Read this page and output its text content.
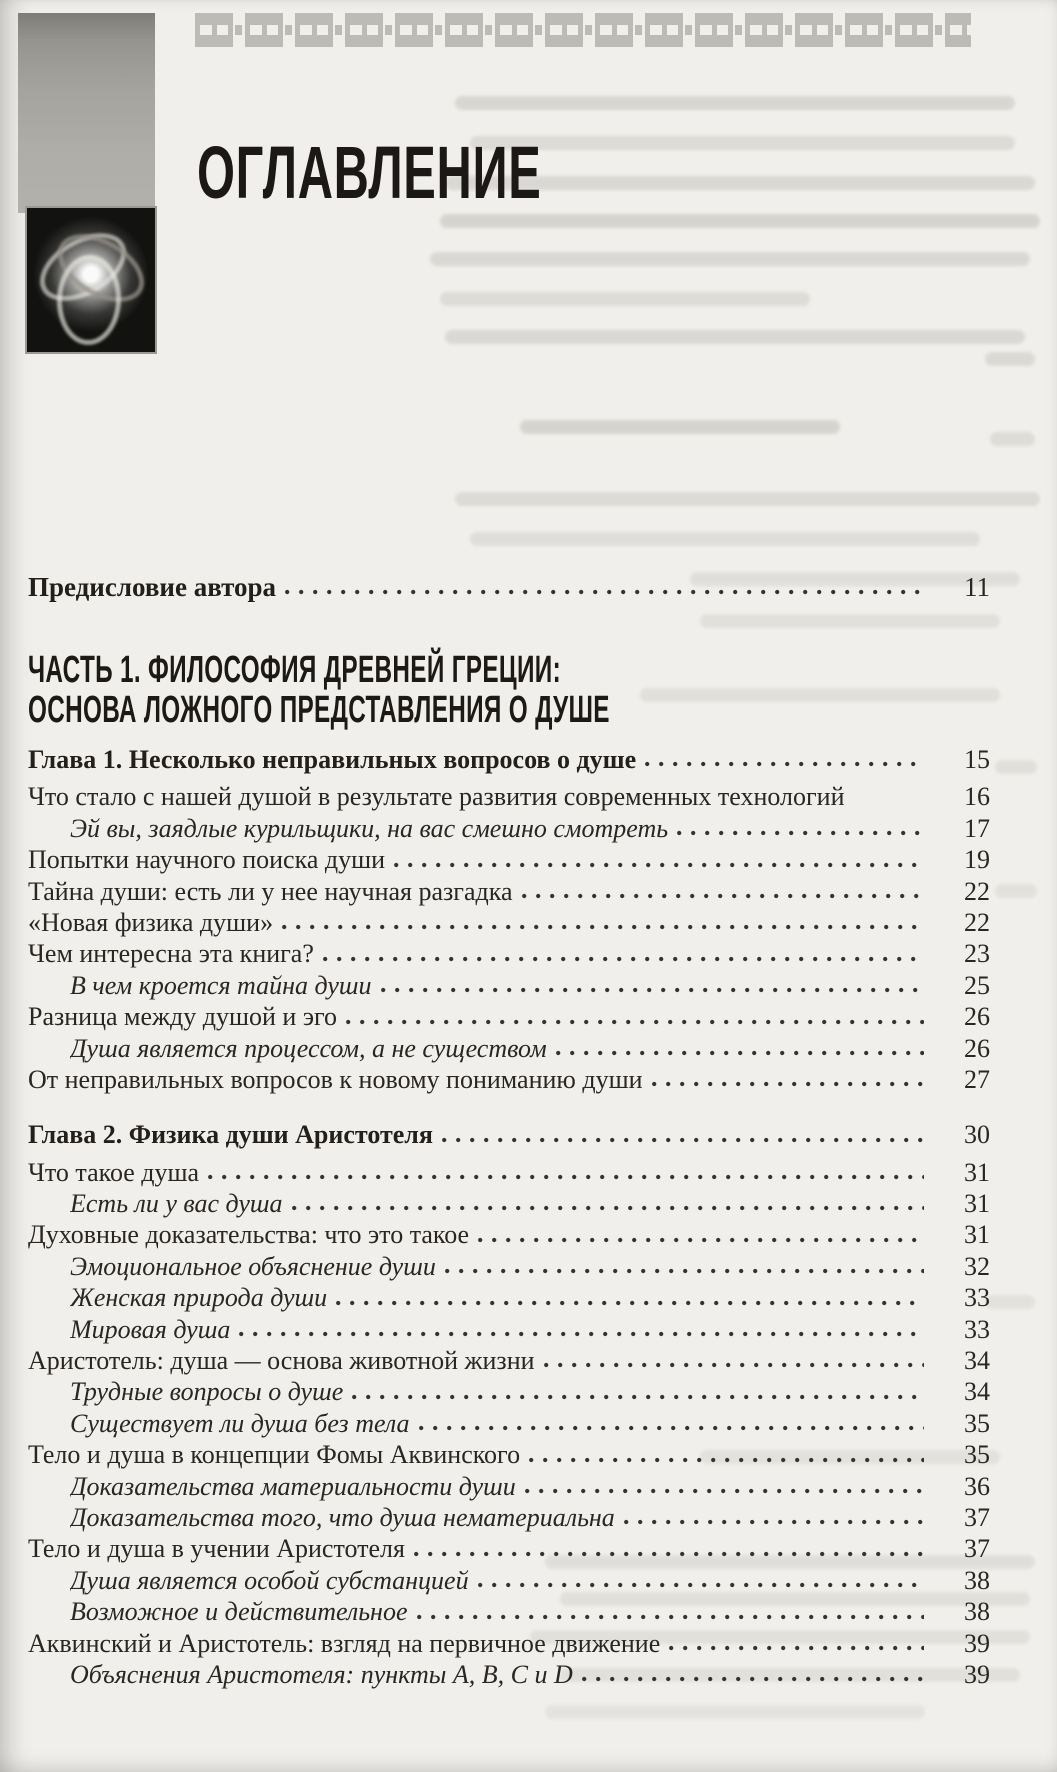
ОГЛАВЛЕНИЕ
Предисловие автора	11
ЧАСТЬ 1. ФИЛОСОФИЯ ДРЕВНЕЙ ГРЕЦИИ:
ОСНОВА ЛОЖНОГО ПРЕДСТАВЛЕНИЯ О ДУШЕ
Глава 1. Несколько неправильных вопросов о душе	15
Что стало с нашей душой в результате развития современных технологий	16
Эй вы, заядлые курильщики, на вас смешно смотреть	17
Попытки научного поиска души	19
Тайна души: есть ли у нее научная разгадка	22
«Новая физика души»	22
Чем интересна эта книга?	23
В чем кроется тайна души	25
Разница между душой и эго	26
Душа является процессом, а не существом	26
От неправильных вопросов к новому пониманию души	27
Глава 2. Физика души Аристотеля	30
Что такое душа	31
Есть ли у вас душа	31
Духовные доказательства: что это такое	31
Эмоциональное объяснение души	32
Женская природа души	33
Мировая душа	33
Аристотель: душа — основа животной жизни	34
Трудные вопросы о душе	34
Существует ли душа без тела	35
Тело и душа в концепции Фомы Аквинского	35
Доказательства материальности души	36
Доказательства того, что душа нематериальна	37
Тело и душа в учении Аристотеля	37
Душа является особой субстанцией	38
Возможное и действительное	38
Аквинский и Аристотель: взгляд на первичное движение	39
Объяснения Аристотеля: пункты A, B, C и D	39
